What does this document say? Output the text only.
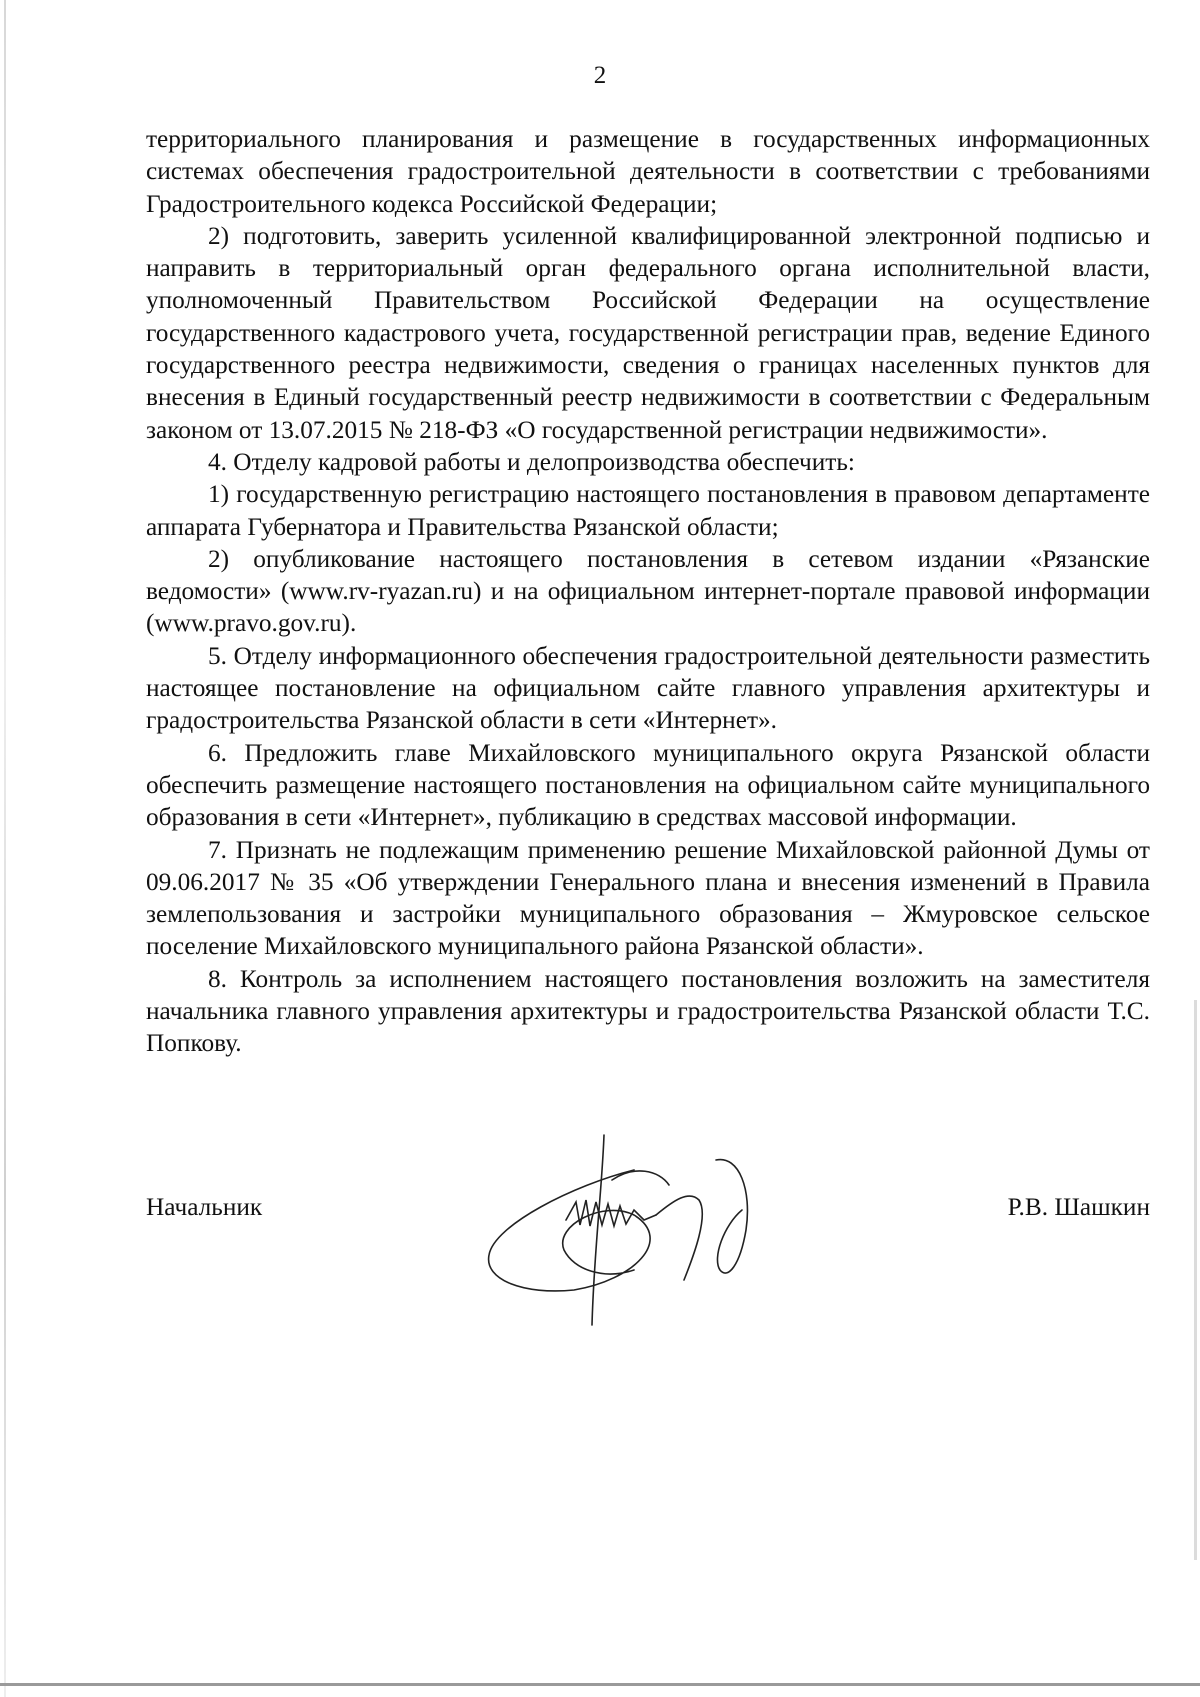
2

территориального планирования и размещение в государственных информационных системах обеспечения градостроительной деятельности в соответствии с требованиями Градостроительного кодекса Российской Федерации;

2) подготовить, заверить усиленной квалифицированной электронной подписью и направить в территориальный орган федерального органа исполнительной власти, уполномоченный Правительством Российской Федерации на осуществление государственного кадастрового учета, государственной регистрации прав, ведение Единого государственного реестра недвижимости, сведения о границах населенных пунктов для внесения в Единый государственный реестр недвижимости в соответствии с Федеральным законом от 13.07.2015 № 218-ФЗ «О государственной регистрации недвижимости».

4. Отделу кадровой работы и делопроизводства обеспечить:

1) государственную регистрацию настоящего постановления в правовом департаменте аппарата Губернатора и Правительства Рязанской области;

2) опубликование настоящего постановления в сетевом издании «Рязанские ведомости» (www.rv-ryazan.ru) и на официальном интернет-портале правовой информации (www.pravo.gov.ru).

5. Отделу информационного обеспечения градостроительной деятельности разместить настоящее постановление на официальном сайте главного управления архитектуры и градостроительства Рязанской области в сети «Интернет».

6. Предложить главе Михайловского муниципального округа Рязанской области обеспечить размещение настоящего постановления на официальном сайте муниципального образования в сети «Интернет», публикацию в средствах массовой информации.

7. Признать не подлежащим применению решение Михайловской районной Думы от 09.06.2017 № 35 «Об утверждении Генерального плана и внесения изменений в Правила землепользования и застройки муниципального образования – Жмуровское сельское поселение Михайловского муниципального района Рязанской области».

8. Контроль за исполнением настоящего постановления возложить на заместителя начальника главного управления архитектуры и градостроительства Рязанской области Т.С. Попкову.

Начальник	Р.В. Шашкин
